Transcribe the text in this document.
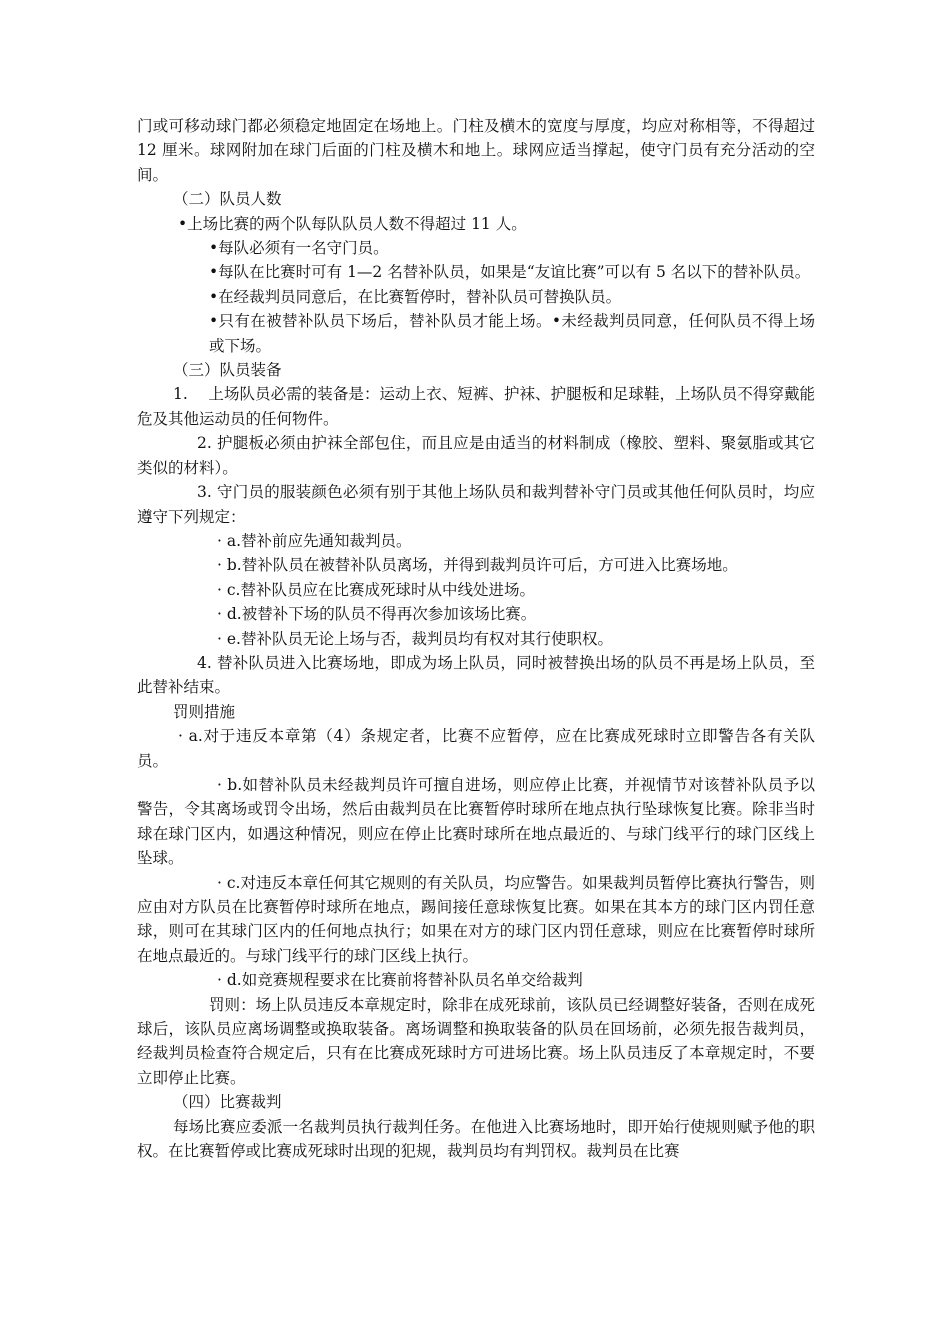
门或可移动球门都必须稳定地固定在场地上。门柱及横木的宽度与厚度，均应对称相等，不得超过 12 厘米。球网附加在球门后面的门柱及横木和地上。球网应适当撑起，使守门员有充分活动的空间。

（二）队员人数

•上场比赛的两个队每队队员人数不得超过 11 人。

•每队必须有一名守门员。

•每队在比赛时可有 1—2 名替补队员，如果是“友谊比赛”可以有 5 名以下的替补队员。

•在经裁判员同意后，在比赛暂停时，替补队员可替换队员。

•只有在被替补队员下场后，替补队员才能上场。•未经裁判员同意，任何队员不得上场或下场。

（三）队员装备

1.　 上场队员必需的装备是：运动上衣、短裤、护袜、护腿板和足球鞋，上场队员不得穿戴能危及其他运动员的任何物件。

2. 护腿板必须由护袜全部包住，而且应是由适当的材料制成（橡胶、塑料、聚氨脂或其它类似的材料）。

3. 守门员的服装颜色必须有别于其他上场队员和裁判替补守门员或其他任何队员时，均应遵守下列规定：

· a.替补前应先通知裁判员。

· b.替补队员在被替补队员离场，并得到裁判员许可后，方可进入比赛场地。

· c.替补队员应在比赛成死球时从中线处进场。

· d.被替补下场的队员不得再次参加该场比赛。

· e.替补队员无论上场与否，裁判员均有权对其行使职权。

4. 替补队员进入比赛场地，即成为场上队员，同时被替换出场的队员不再是场上队员，至此替补结束。

罚则措施

· a.对于违反本章第（4）条规定者，比赛不应暂停，应在比赛成死球时立即警告各有关队员。

· b.如替补队员未经裁判员许可擅自进场，则应停止比赛，并视情节对该替补队员予以警告，令其离场或罚令出场，然后由裁判员在比赛暂停时球所在地点执行坠球恢复比赛。除非当时球在球门区内，如遇这种情况，则应在停止比赛时球所在地点最近的、与球门线平行的球门区线上坠球。

· c.对违反本章任何其它规则的有关队员，均应警告。如果裁判员暂停比赛执行警告，则应由对方队员在比赛暂停时球所在地点，踢间接任意球恢复比赛。如果在其本方的球门区内罚任意球，则可在其球门区内的任何地点执行；如果在对方的球门区内罚任意球，则应在比赛暂停时球所在地点最近的。与球门线平行的球门区线上执行。

· d.如竞赛规程要求在比赛前将替补队员名单交给裁判

罚则：场上队员违反本章规定时，除非在成死球前，该队员已经调整好装备，否则在成死球后，该队员应离场调整或换取装备。离场调整和换取装备的队员在回场前，必须先报告裁判员，经裁判员检查符合规定后，只有在比赛成死球时方可进场比赛。场上队员违反了本章规定时，不要立即停止比赛。

（四）比赛裁判

每场比赛应委派一名裁判员执行裁判任务。在他进入比赛场地时，即开始行使规则赋予他的职权。在比赛暂停或比赛成死球时出现的犯规，裁判员均有判罚权。裁判员在比赛
